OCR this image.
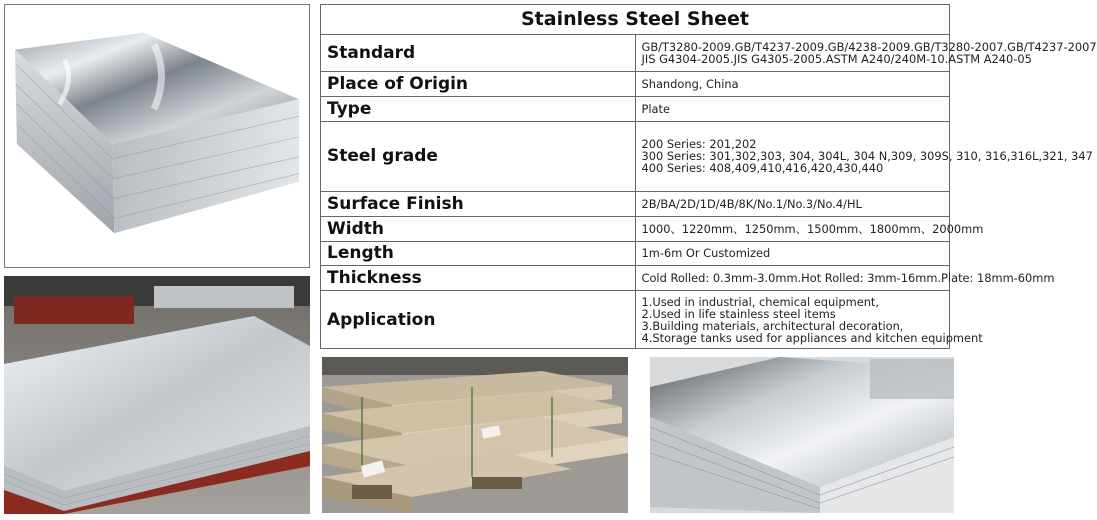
Stainless Steel Sheet	
Standard	GB/T3280-2009.GB/T4237-2009.GB/4238-2009.GB/T3280-2007.GB/T4237-2007
JIS G4304-2005.JIS G4305-2005.ASTM A240/240M-10.ASTM A240-05

Place of Origin	Shandong, China

Type	Plate

Steel grade	200 Series: 201,202
300 Series: 301,302,303, 304, 304L, 304 N,309, 309S, 310, 316,316L,321, 347
400 Series: 408,409,410,416,420,430,440

Surface Finish	2B/BA/2D/1D/4B/8K/No.1/No.3/No.4/HL

Width	1000、1220mm、1250mm、1500mm、1800mm、2000mm

Length	1m-6m Or Customized

Thickness	Cold Rolled: 0.3mm-3.0mm.Hot Rolled: 3mm-16mm.Plate: 18mm-60mm

Application	1.Used in industrial, chemical equipment,
2.Used in life stainless steel items
3.Building materials, architectural decoration,
4.Storage tanks used for appliances and kitchen equipment
